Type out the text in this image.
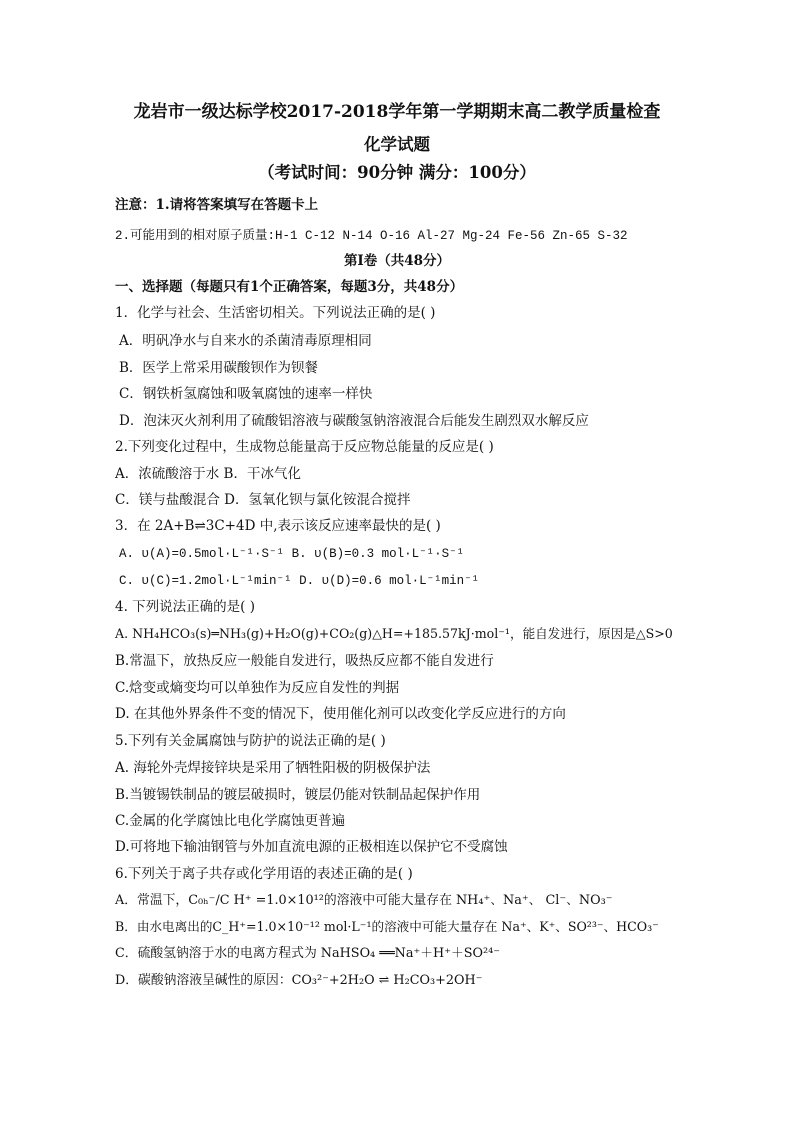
龙岩市一级达标学校2017-2018学年第一学期期末高二教学质量检查
化学试题
（考试时间：90分钟 满分：100分）
注意：1.请将答案填写在答题卡上
2.可能用到的相对原子质量:H-1 C-12 N-14 O-16 Al-27 Mg-24 Fe-56 Zn-65 S-32
第Ⅰ卷（共48分）
一、选择题（每题只有1个正确答案，每题3分，共48分）
1．化学与社会、生活密切相关。下列说法正确的是( )
A．明矾净水与自来水的杀菌清毒原理相同
B．医学上常采用碳酸钡作为钡餐
C．钢铁析氢腐蚀和吸氧腐蚀的速率一样快
D．泡沫灭火剂利用了硫酸铝溶液与碳酸氢钠溶液混合后能发生剧烈双水解反应
2.下列变化过程中，生成物总能量高于反应物总能量的反应是( )
A．浓硫酸溶于水 B．干冰气化
C．镁与盐酸混合 D．氢氧化钡与氯化铵混合搅拌
3．在 2A+B⇌3C+4D 中,表示该反应速率最快的是( )
A. υ(A)=0.5mol·L⁻¹·S⁻¹ B. υ(B)=0.3 mol·L⁻¹·S⁻¹
C. υ(C)=1.2mol·L⁻¹min⁻¹ D. υ(D)=0.6 mol·L⁻¹min⁻¹
4. 下列说法正确的是( )
A. NH₄HCO₃(s)═NH₃(g)+H₂O(g)+CO₂(g)△H=+185.57kJ·mol⁻¹，能自发进行，原因是△S>0
B.常温下，放热反应一般能自发进行，吸热反应都不能自发进行
C.焓变或熵变均可以单独作为反应自发性的判据
D. 在其他外界条件不变的情况下，使用催化剂可以改变化学反应进行的方向
5.下列有关金属腐蚀与防护的说法正确的是( )
A. 海轮外壳焊接锌块是采用了牺牲阳极的阴极保护法
B.当镀锡铁制品的镀层破损时，镀层仍能对铁制品起保护作用
C.金属的化学腐蚀比电化学腐蚀更普遍
D.可将地下输油钢管与外加直流电源的正极相连以保护它不受腐蚀
6.下列关于离子共存或化学用语的表述正确的是( )
A．常温下，C₀ₕ⁻/C H⁺ =1.0×10¹²的溶液中可能大量存在 NH₄⁺、Na⁺、 Cl⁻、NO₃⁻
B．由水电离出的C_H⁺=1.0×10⁻¹² mol·L⁻¹的溶液中可能大量存在 Na⁺、K⁺、SO²³⁻、HCO₃⁻
C．硫酸氢钠溶于水的电离方程式为 NaHSO₄ ══Na⁺＋H⁺＋SO²⁴⁻
D．碳酸钠溶液呈碱性的原因：CO₃²⁻+2H₂O ⇌ H₂CO₃+2OH⁻
